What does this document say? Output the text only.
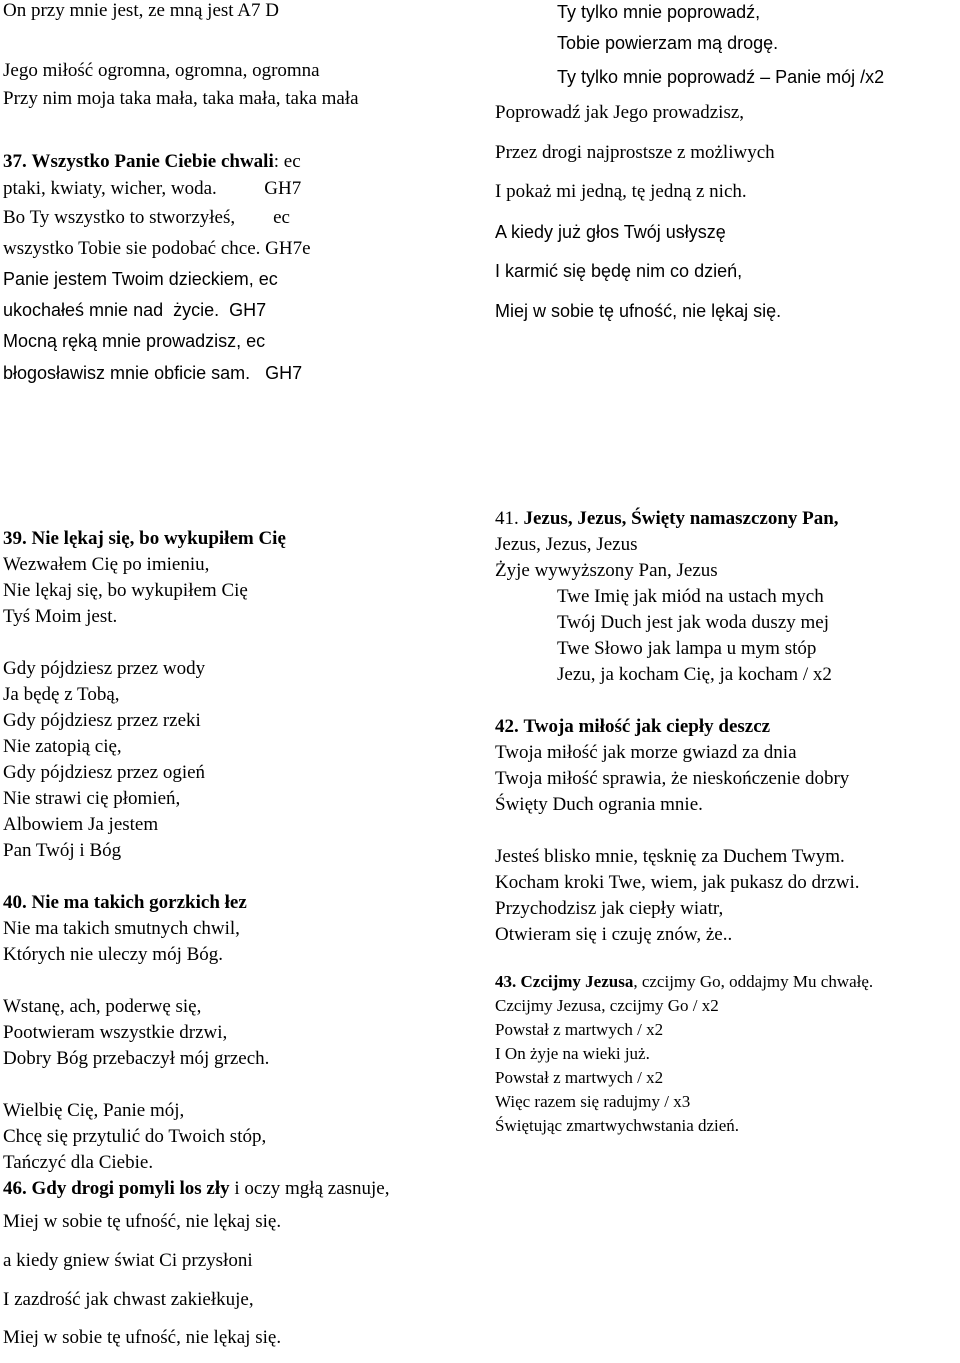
On przy mnie jest, ze mną jest A7 D
Jego miłość ogromna, ogromna, ogromna
Przy nim moja taka mała, taka mała, taka mała
37. Wszystko Panie Ciebie chwali: ec
ptaki, kwiaty, wicher, woda.          GH7
Bo Ty wszystko to stworzyłeś,        ec
wszystko Tobie sie podobać chce. GH7e
Panie jestem Twoim dzieckiem, ec
ukochałeś mnie nad  życie.  GH7
Mocną ręką mnie prowadzisz, ec
błogosławisz mnie obficie sam.   GH7
Ty tylko mnie poprowadź,
Tobie powierzam mą drogę.
Ty tylko mnie poprowadź – Panie mój /x2
Poprowadź jak Jego prowadzisz,
Przez drogi najprostsze z możliwych
I pokaż mi jedną, tę jedną z nich.
A kiedy już głos Twój usłyszę
I karmić się będę nim co dzień,
Miej w sobie tę ufność, nie lękaj się.
39. Nie lękaj się, bo wykupiłem Cię
Wezwałem Cię po imieniu,
Nie lękaj się, bo wykupiłem Cię
Tyś Moim jest.
Gdy pójdziesz przez wody
Ja będę z Tobą,
Gdy pójdziesz przez rzeki
Nie zatopią cię,
Gdy pójdziesz przez ogień
Nie strawi cię płomień,
Albowiem Ja jestem
Pan Twój i Bóg
40. Nie ma takich gorzkich łez
Nie ma takich smutnych chwil,
Których nie uleczy mój Bóg.
Wstanę, ach, poderwę się,
Pootwieram wszystkie drzwi,
Dobry Bóg przebaczył mój grzech.
Wielbię Cię, Panie mój,
Chcę się przytulić do Twoich stóp,
Tańczyć dla Ciebie.
46. Gdy drogi pomyli los zły i oczy mgłą zasnuje,
Miej w sobie tę ufność, nie lękaj się.
a kiedy gniew świat Ci przysłoni
I zazdrość jak chwast zakiełkuje,
Miej w sobie tę ufność, nie lękaj się.
41. Jezus, Jezus, Święty namaszczony Pan,
Jezus, Jezus, Jezus
Żyje wywyższony Pan, Jezus
Twe Imię jak miód na ustach mych
Twój Duch jest jak woda duszy mej
Twe Słowo jak lampa u mym stóp
Jezu, ja kocham Cię, ja kocham / x2
42. Twoja miłość jak ciepły deszcz
Twoja miłość jak morze gwiazd za dnia
Twoja miłość sprawia, że nieskończenie dobry
Święty Duch ogrania mnie.
Jesteś blisko mnie, tęsknię za Duchem Twym.
Kocham kroki Twe, wiem, jak pukasz do drzwi.
Przychodzisz jak ciepły wiatr,
Otwieram się i czuję znów, że..
43. Czcijmy Jezusa, czcijmy Go, oddajmy Mu chwałę.
Czcijmy Jezusa, czcijmy Go / x2
Powstał z martwych / x2
I On żyje na wieki już.
Powstał z martwych / x2
Więc razem się radujmy / x3
Świętując zmartwychwstania dzień.
